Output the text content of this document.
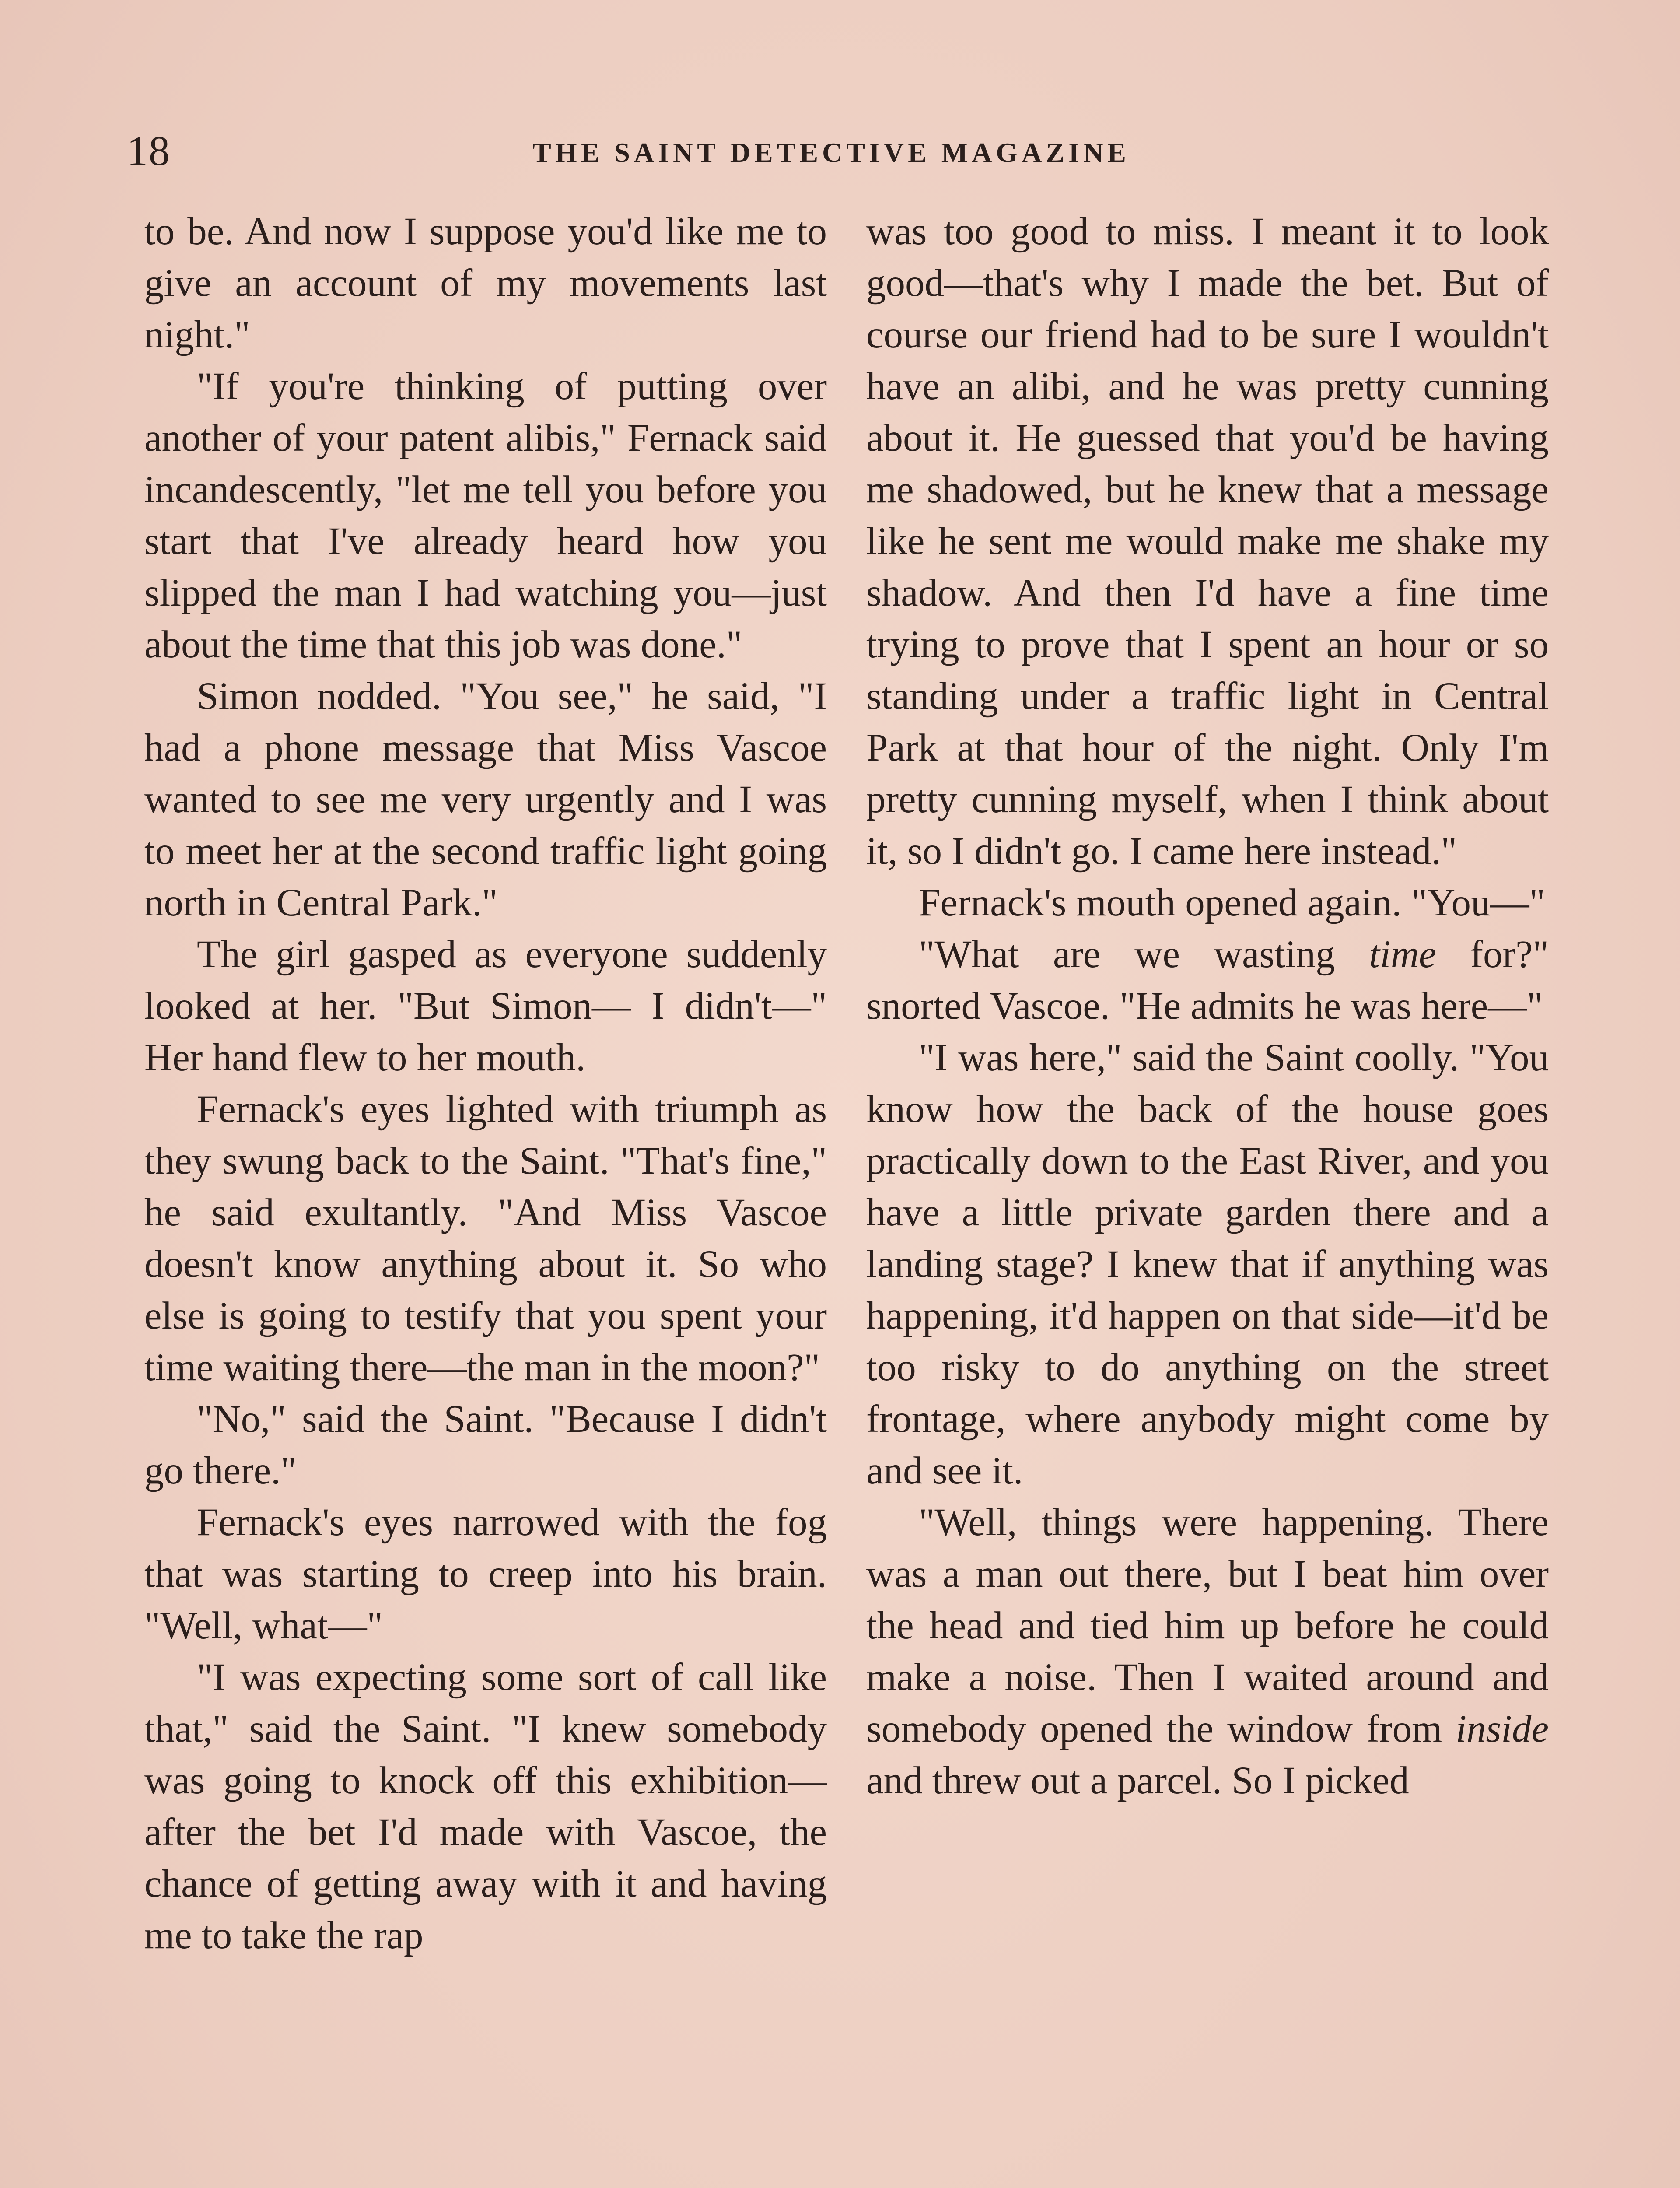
18	THE SAINT DETECTIVE MAGAZINE

to be. And now I suppose you'd like me to give an account of my movements last night."

"If you're thinking of putting over another of your patent alibis," Fernack said incandescently, "let me tell you before you start that I've already heard how you slipped the man I had watching you—just about the time that this job was done."

Simon nodded. "You see," he said, "I had a phone message that Miss Vascoe wanted to see me very urgently and I was to meet her at the second traffic light going north in Central Park."

The girl gasped as everyone suddenly looked at her. "But Simon— I didn't—" Her hand flew to her mouth.

Fernack's eyes lighted with triumph as they swung back to the Saint. "That's fine," he said exultantly. "And Miss Vascoe doesn't know anything about it. So who else is going to testify that you spent your time waiting there—the man in the moon?"

"No," said the Saint. "Because I didn't go there."

Fernack's eyes narrowed with the fog that was starting to creep into his brain. "Well, what—"

"I was expecting some sort of call like that," said the Saint. "I knew somebody was going to knock off this exhibition—after the bet I'd made with Vascoe, the chance of getting away with it and having me to take the rap

was too good to miss. I meant it to look good—that's why I made the bet. But of course our friend had to be sure I wouldn't have an alibi, and he was pretty cunning about it. He guessed that you'd be having me shadowed, but he knew that a message like he sent me would make me shake my shadow. And then I'd have a fine time trying to prove that I spent an hour or so standing under a traffic light in Central Park at that hour of the night. Only I'm pretty cunning myself, when I think about it, so I didn't go. I came here instead."

Fernack's mouth opened again. "You—"

"What are we wasting time for?" snorted Vascoe. "He admits he was here—"

"I was here," said the Saint coolly. "You know how the back of the house goes practically down to the East River, and you have a little private garden there and a landing stage? I knew that if anything was happening, it'd happen on that side—it'd be too risky to do anything on the street frontage, where anybody might come by and see it.

"Well, things were happening. There was a man out there, but I beat him over the head and tied him up before he could make a noise. Then I waited around and somebody opened the window from inside and threw out a parcel. So I picked
